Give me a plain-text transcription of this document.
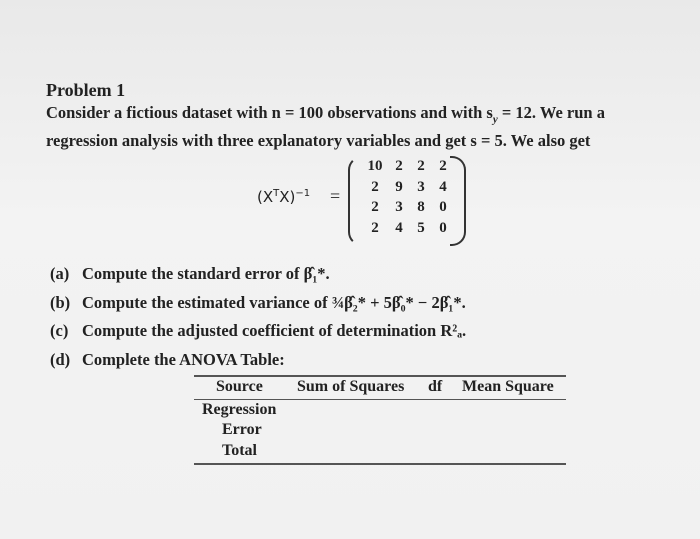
Problem 1
Consider a fictious dataset with n = 100 observations and with $s_y = 12$. We run a
regression analysis with three explanatory variables and get s = 5. We also get
$(X^TX)^{-1}$ =
10 2 2 2
2	9 3 4
2	3 8 0
2	4 5 0
(a) Compute the standard error of β̂₁*.
(b) Compute the estimated variance of ¾β̂₂* + 5β̂₀* − 2β̂₁*.
(c) Compute the adjusted coefficient of determination R²ₐ.
(d) Complete the ANOVA Table:
Source Sum of Squares df Mean Square
Regression
Error
Total
